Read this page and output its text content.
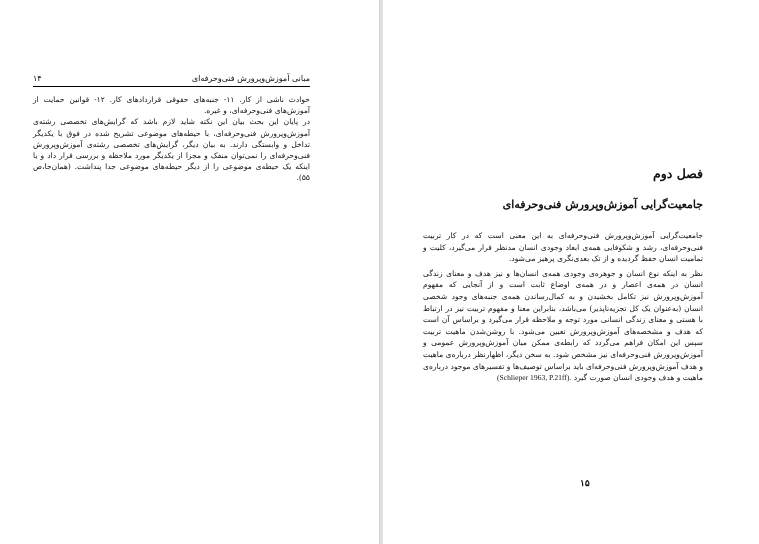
مبانی آموزش‌وپرورش فنی‌وحرفه‌ای
۱۴

حوادث ناشی از کار. ۱۱- جنبه‌های حقوقی قراردادهای کار. ۱۲- قوانین حمایت از آموزش‌های فنی‌وحرفه‌ای، و غیره.

در پایان این بحث بیان این نکته شاید لازم باشد که گرایش‌های تخصصی رشته‌ی آموزش‌وپرورش فنی‌وحرفه‌ای، با حیطه‌های موضوعی تشریح شده در فوق با یکدیگر تداخل و وابستگی دارند. به بیان دیگر، گرایش‌های تخصصی رشته‌ی آموزش‌وپرورش فنی‌وحرفه‌ای را نمی‌توان منفک و مجزا از یکدیگر مورد ملاحظه و بررسی قرار داد و یا اینکه یک حیطه‌ی موضوعی را از دیگر حیطه‌های موضوعی جدا پنداشت. (همان‌جا،ص ۵۵).	فصل دوم
جامعیت‌گرایی آموزش‌وپرورش فنی‌وحرفه‌ای

جامعیت‌گرایی آموزش‌وپرورش فنی‌وحرفه‌ای به این معنی است که در کار تربیت فنی‌وحرفه‌ای، رشد و شکوفایی همه‌ی ابعاد وجودی انسان مدنظر قرار می‌گیرد، کلیت و تمامیت انسان حفظ گردیده و از تک بعدی‌نگری پرهیز می‌شود.

نظر به اینکه نوع انسان و جوهره‌ی وجودی همه‌ی انسان‌ها و نیز هدف و معنای زندگی انسان در همه‌ی اعصار و در همه‌ی اوضاع ثابت است و از آنجایی که مفهوم آموزش‌وپرورش نیز تکامل بخشیدن و به کمال‌رساندن همه‌ی جنبه‌های وجود شخصی انسان (به‌عنوان یک کل تجزیه‌ناپذیر) می‌باشد، بنابراین معنا و مفهوم تربیت نیز در ارتباط با هستی و معنای زندگی انسانی مورد توجه و ملاحظه قرار می‌گیرد و براساس آن است که هدف و مشخصه‌های آموزش‌وپرورش تعیین می‌شود. با روشن‌شدن ماهیت تربیت سپس این امکان فراهم می‌گردد که رابطه‌ی ممکن میان آموزش‌وپرورش عمومی و آموزش‌وپرورش فنی‌وحرفه‌ای نیز مشخص شود. به سخن دیگر، اظهارنظر درباره‌ی ماهیت و هدف آموزش‌وپرورش فنی‌وحرفه‌ای باید براساس توصیف‌ها و تفسیرهای موجود درباره‌ی ماهیت و هدف وجودی انسان صورت گیرد (Schlieper 1963, P.21ff).

۱۵
